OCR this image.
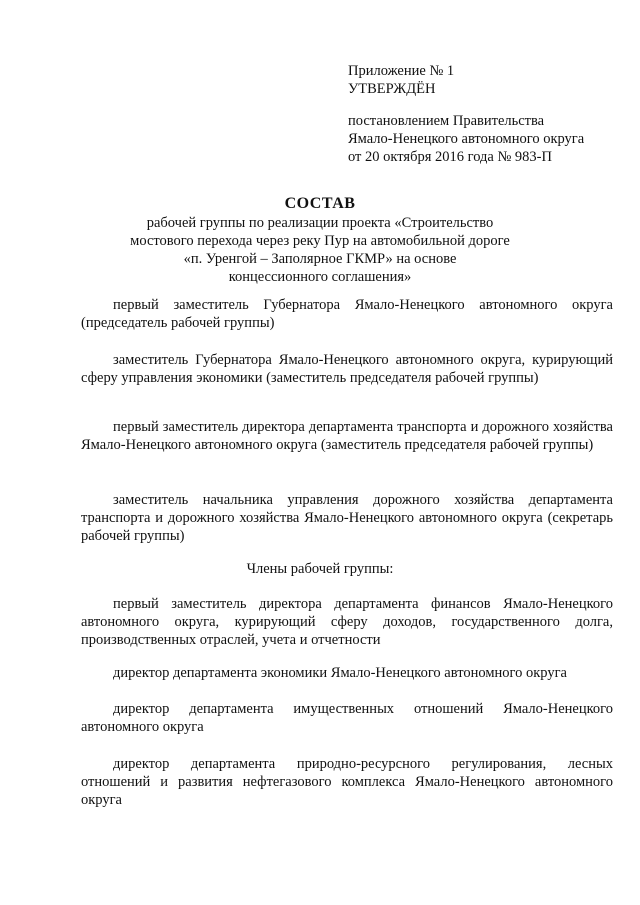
Приложение № 1
УТВЕРЖДЁН
постановлением Правительства
Ямало-Ненецкого автономного округа
от 20 октября 2016 года № 983-П
СОСТАВ
рабочей группы по реализации проекта «Строительство
мостового перехода через реку Пур на автомобильной дороге
«п. Уренгой – Заполярное ГКМР» на основе
концессионного соглашения»

первый заместитель Губернатора Ямало-Ненецкого автономного округа (председатель рабочей группы)

заместитель Губернатора Ямало-Ненецкого автономного округа, курирующий сферу управления экономики (заместитель председателя рабочей группы)

первый заместитель директора департамента транспорта и дорожного хозяйства Ямало-Ненецкого автономного округа (заместитель председателя рабочей группы)

заместитель начальника управления дорожного хозяйства департамента транспорта и дорожного хозяйства Ямало-Ненецкого автономного округа (секретарь рабочей группы)

Члены рабочей группы:

первый заместитель директора департамента финансов Ямало-Ненецкого автономного округа, курирующий сферу доходов, государственного долга, производственных отраслей, учета и отчетности

директор департамента экономики Ямало-Ненецкого автономного округа

директор департамента имущественных отношений Ямало-Ненецкого автономного округа

директор департамента природно-ресурсного регулирования, лесных отношений и развития нефтегазового комплекса Ямало-Ненецкого автономного округа
